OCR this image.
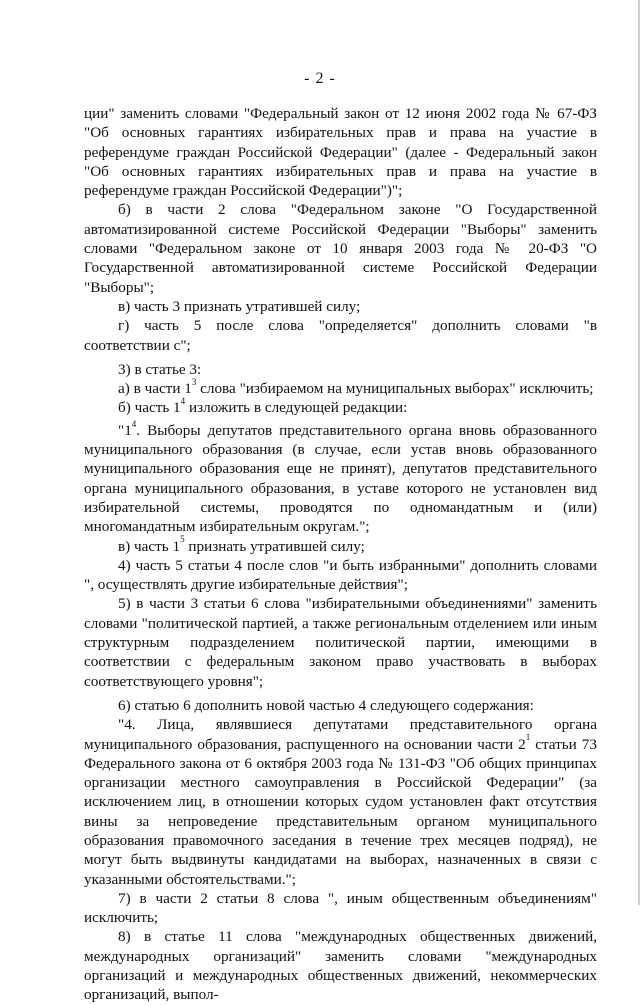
- 2 -

ции" заменить словами "Федеральный закон от 12 июня 2002 года № 67-ФЗ "Об основных гарантиях избирательных прав и права на участие в референдуме граждан Российской Федерации" (далее - Федеральный закон "Об основных гарантиях избирательных прав и права на участие в референдуме граждан Российской Федерации")";

б) в части 2 слова "Федеральном законе "О Государственной автоматизированной системе Российской Федерации "Выборы" заменить словами "Федеральном законе от 10 января 2003 года № 20-ФЗ "О Государственной автоматизированной системе Российской Федерации "Выборы";

в) часть 3 признать утратившей силу;

г) часть 5 после слова "определяется" дополнить словами "в соответствии с";

3) в статье 3:

а) в части $1^3$ слова "избираемом на муниципальных выборах" исключить;

б) часть $1^4$ изложить в следующей редакции:

"$1^4$. Выборы депутатов представительного органа вновь образованного муниципального образования (в случае, если устав вновь образованного муниципального образования еще не принят), депутатов представительного органа муниципального образования, в уставе которого не установлен вид избирательной системы, проводятся по одномандатным и (или) многомандатным избирательным округам.";

в) часть $1^5$ признать утратившей силу;

4) часть 5 статьи 4 после слов "и быть избранными" дополнить словами ", осуществлять другие избирательные действия";

5) в части 3 статьи 6 слова "избирательными объединениями" заменить словами "политической партией, а также региональным отделением или иным структурным подразделением политической партии, имеющими в соответствии с федеральным законом право участвовать в выборах соответствующего уровня";

6) статью 6 дополнить новой частью 4 следующего содержания:

"4. Лица, являвшиеся депутатами представительного органа муниципального образования, распущенного на основании части $2^1$ статьи 73 Федерального закона от 6 октября 2003 года № 131-ФЗ "Об общих принципах организации местного самоуправления в Российской Федерации" (за исключением лиц, в отношении которых судом установлен факт отсутствия вины за непроведение представительным органом муниципального образования правомочного заседания в течение трех месяцев подряд), не могут быть выдвинуты кандидатами на выборах, назначенных в связи с указанными обстоятельствами.";

7) в части 2 статьи 8 слова ", иным общественным объединениям" исключить;

8) в статье 11 слова "международных общественных движений, международных организаций" заменить словами "международных организаций и международных общественных движений, некоммерческих организаций, выпол-
